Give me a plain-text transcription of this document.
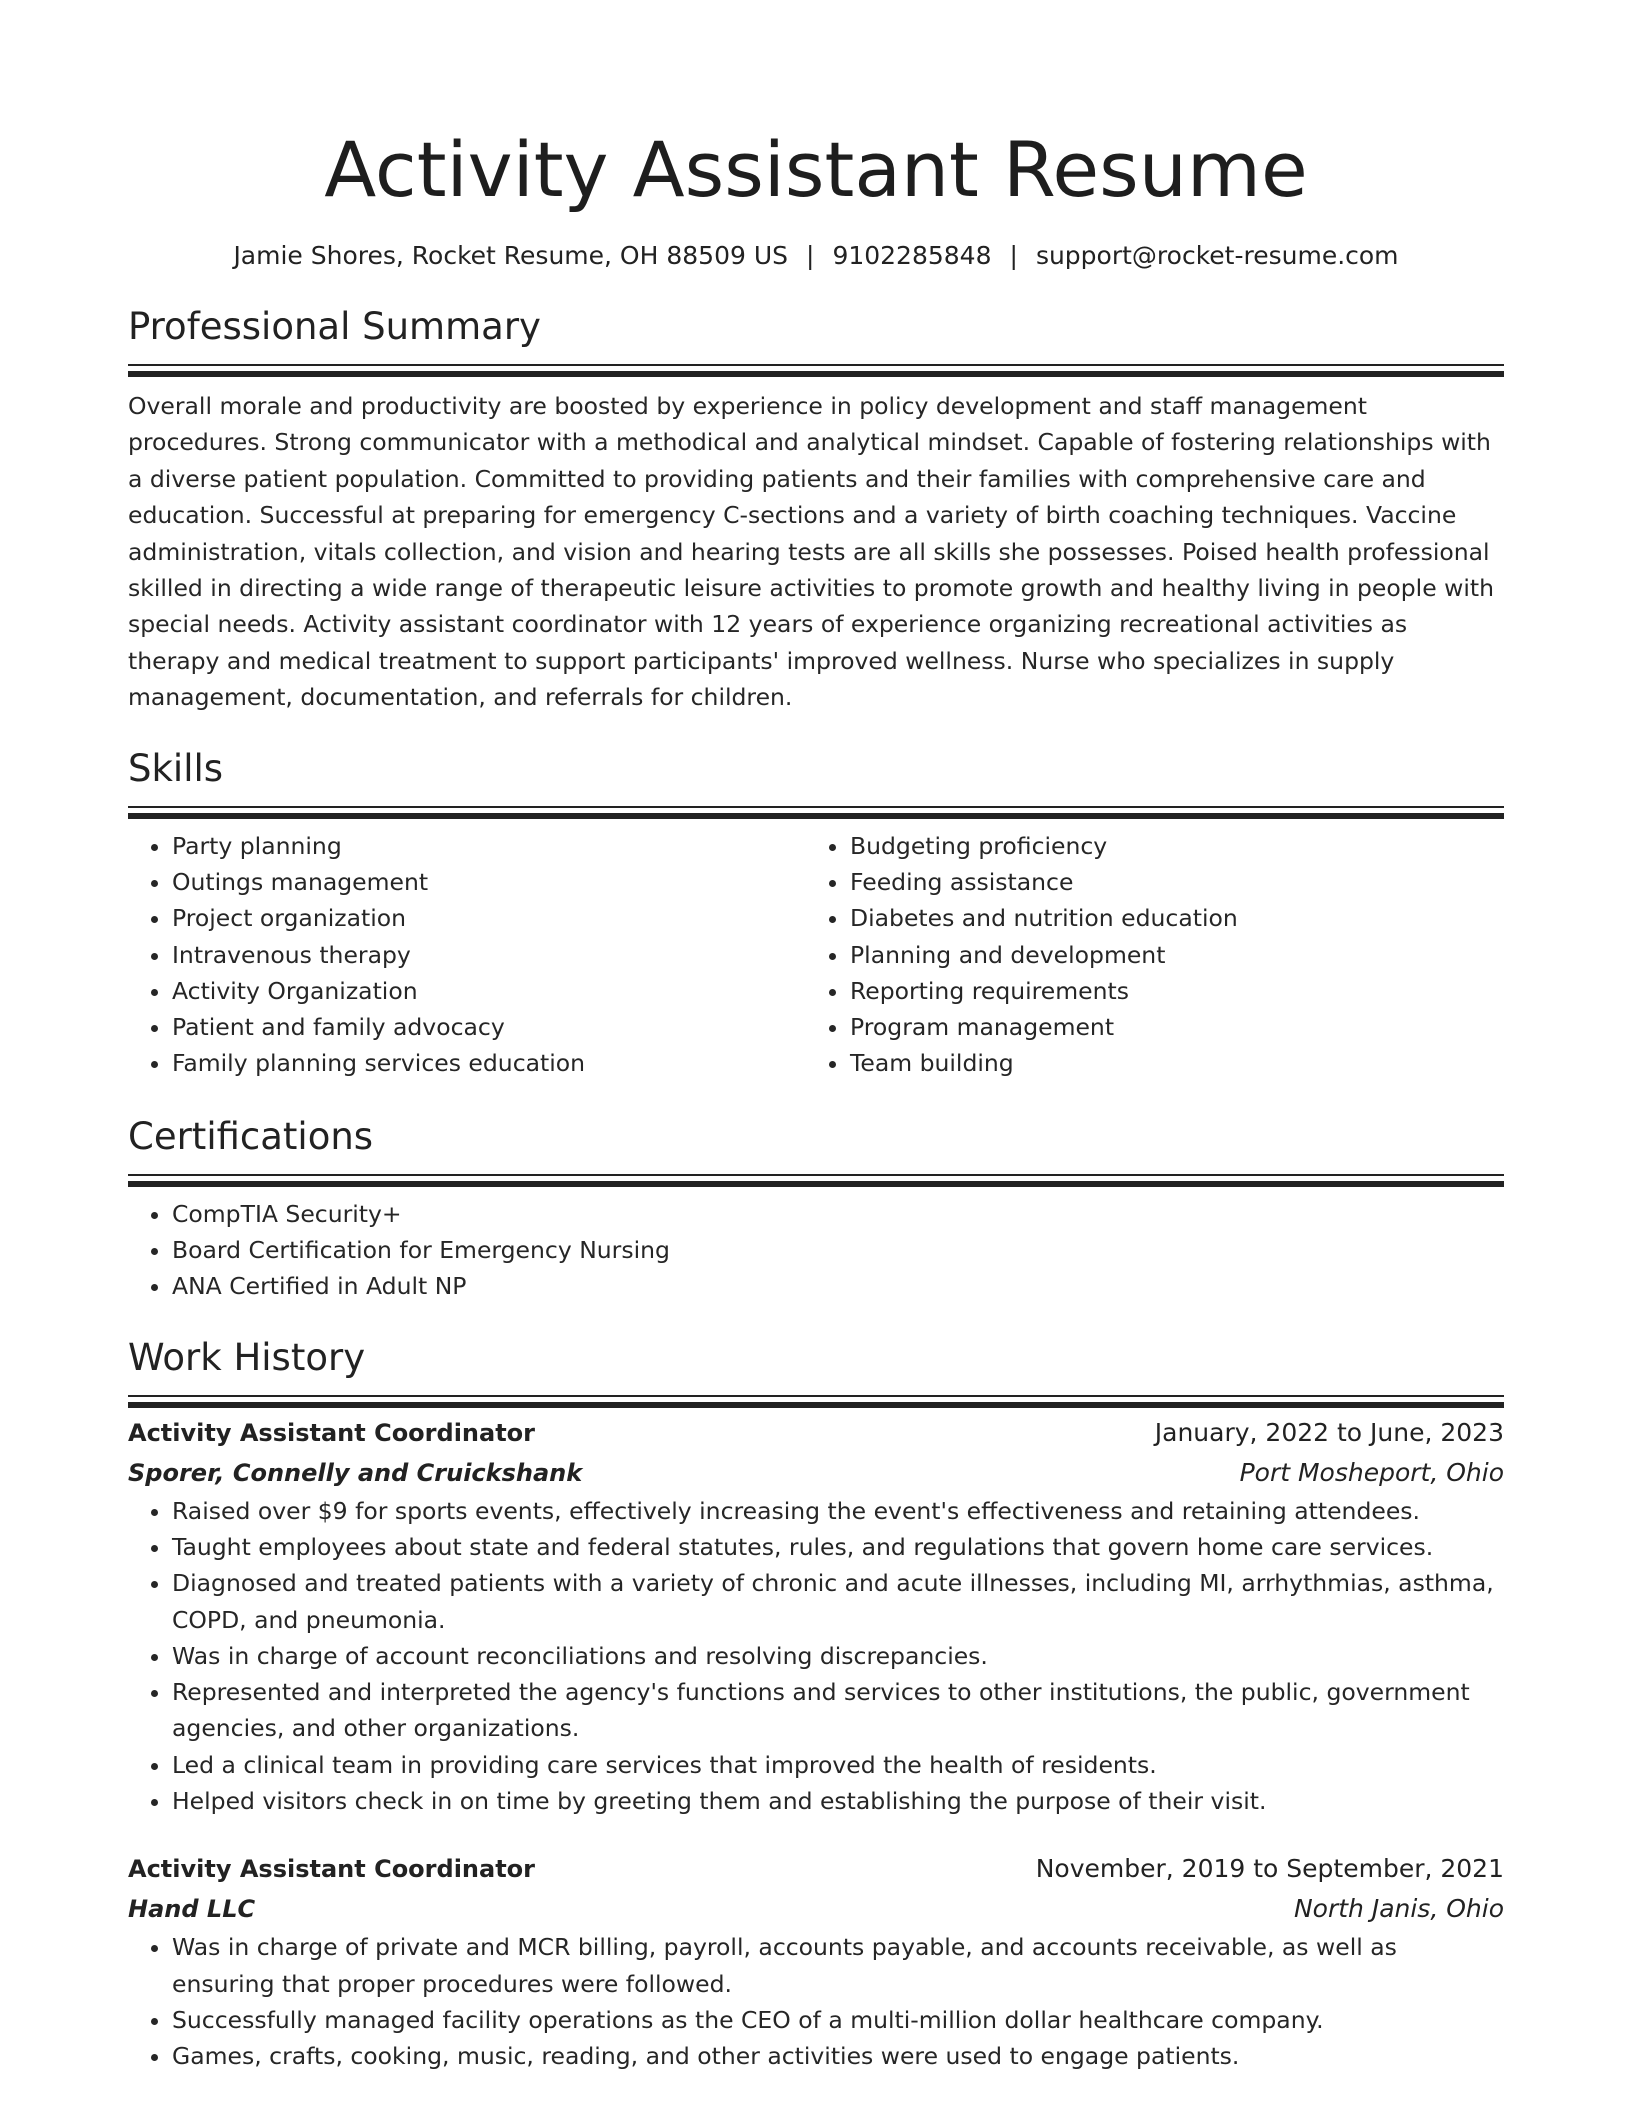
Activity Assistant Resume
Jamie Shores, Rocket Resume, OH 88509 US | 9102285848 | support@rocket-resume.com
Professional Summary

Overall morale and productivity are boosted by experience in policy development and staff management procedures. Strong communicator with a methodical and analytical mindset. Capable of fostering relationships with a diverse patient population. Committed to providing patients and their families with comprehensive care and education. Successful at preparing for emergency C-sections and a variety of birth coaching techniques. Vaccine administration, vitals collection, and vision and hearing tests are all skills she possesses. Poised health professional skilled in directing a wide range of therapeutic leisure activities to promote growth and healthy living in people with special needs. Activity assistant coordinator with 12 years of experience organizing recreational activities as therapy and medical treatment to support participants' improved wellness. Nurse who specializes in supply management, documentation, and referrals for children.

Skills
• Party planning
• Outings management
• Project organization
• Intravenous therapy
• Activity Organization
• Patient and family advocacy
• Family planning services education
• Budgeting proficiency
• Feeding assistance
• Diabetes and nutrition education
• Planning and development
• Reporting requirements
• Program management
• Team building
Certifications
• CompTIA Security+
• Board Certification for Emergency Nursing
• ANA Certified in Adult NP
Work History
Activity Assistant Coordinator	January, 2022 to June, 2023
Sporer, Connelly and Cruickshank	Port Mosheport, Ohio
• Raised over $9 for sports events, effectively increasing the event's effectiveness and retaining attendees.
• Taught employees about state and federal statutes, rules, and regulations that govern home care services.
• Diagnosed and treated patients with a variety of chronic and acute illnesses, including MI, arrhythmias, asthma, COPD, and pneumonia.
• Was in charge of account reconciliations and resolving discrepancies.
• Represented and interpreted the agency's functions and services to other institutions, the public, government agencies, and other organizations.
• Led a clinical team in providing care services that improved the health of residents.
• Helped visitors check in on time by greeting them and establishing the purpose of their visit.
Activity Assistant Coordinator	November, 2019 to September, 2021
Hand LLC	North Janis, Ohio
• Was in charge of private and MCR billing, payroll, accounts payable, and accounts receivable, as well as ensuring that proper procedures were followed.
• Successfully managed facility operations as the CEO of a multi-million dollar healthcare company.
• Games, crafts, cooking, music, reading, and other activities were used to engage patients.
